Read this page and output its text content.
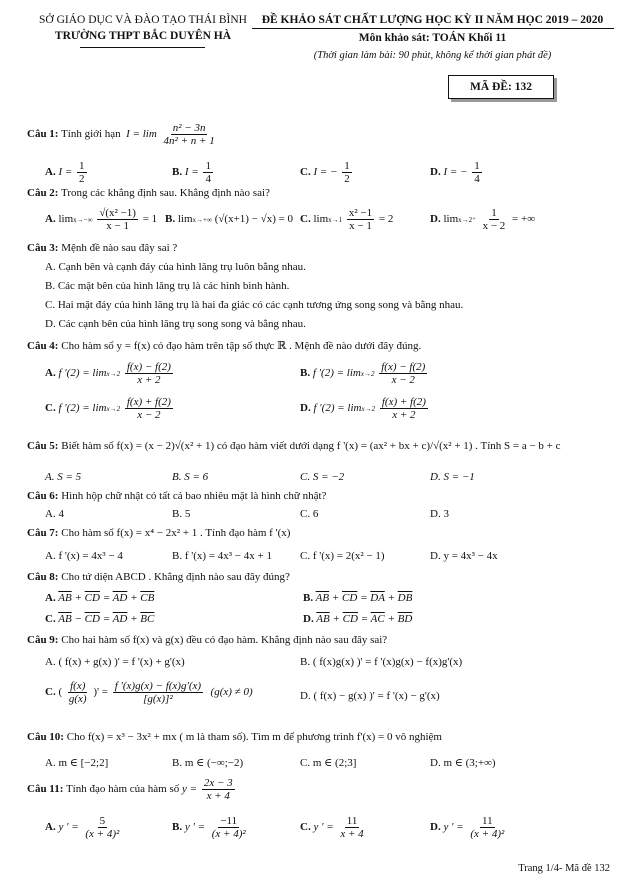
SỞ GIÁO DỤC VÀ ĐÀO TẠO THÁI BÌNH
TRƯỜNG THPT BẮC DUYÊN HÀ
ĐỀ KHẢO SÁT CHẤT LƯỢNG HỌC KỲ II NĂM HỌC 2019 – 2020
Môn khảo sát: TOÁN Khối 11
(Thời gian làm bài: 90 phút, không kể thời gian phát đề)
MÃ ĐỀ: 132
Câu 1: Tính giới hạn  $I = \lim \frac{\text{n² − 3n}}{\text{4n² + n + 1}}$
A. $I = \frac{1}{2}$	B. $I = \frac{1}{4}$	C. I = − $\frac{1}{2}$	D. I = − $\frac{1}{4}$
Câu 2: Trong các khẳng định sau. Khẳng định nào sai?
A. $\lim x\to-\infty \frac{\text{√(x² −1)}}{x - 1} = 1$ B. limx→+∞ (√(x+1) − √x) = 0 C. $\lim x\to 1 \frac{\text{x² −1}}{x - 1} = 2$	D. $\lim x\to 2^+ \frac{1}{x - 2}$ = +∞
Câu 3: Mệnh đề nào sau đây sai ?
A. Cạnh bên và cạnh đáy của hình lăng trụ luôn bằng nhau.
B. Các mặt bên của hình lăng trụ là các hình bình hành.
C. Hai mặt đáy của hình lăng trụ là hai đa giác có các cạnh tương ứng song song và bằng nhau.
D. Các cạnh bên của hình lăng trụ song song và bằng nhau.
Câu 4: Cho hàm số y = f(x) có đạo hàm trên tập số thực ℝ . Mệnh đề nào dưới đây đúng.
A. f $'(2) = \lim x\to 2 \frac{f(x) - f(2)}{x + 2}$	B. f $'(2) = \lim x\to 2 \frac{f(x) - f(2)}{x - 2}$
C. f $'(2) = \lim x\to 2 \frac{f(x) + f(2)}{x - 2}$	D. f $'(2) = \lim x\to 2 \frac{f(x) + f(2)}{x + 2}$
Câu 5: Biết hàm số f(x) = (x − 2)√(x² + 1) có đạo hàm viết dưới dạng f '(x) = (ax² + bx + c)/√(x² + 1) . Tính S = a − b + c
A. S = 5	B. S = 6	C. S = −2	D. S = −1
Câu 6: Hình hộp chữ nhật có tất cả bao nhiêu mặt là hình chữ nhật?
A. 4	B. 5	C. 6	D. 3
Câu 7: Cho hàm số f(x) = x⁴ − 2x² + 1 . Tính đạo hàm f '(x)
A. f '(x) = 4x³ − 4	B. f '(x) = 4x³ − 4x + 1	C. f '(x) = 2(x² − 1)	D. y = 4x³ − 4x
Câu 8: Cho tứ diện ABCD . Khẳng định nào sau đây đúng?
A. $\overline{AB} + \overline{CD} = \overline{AD} + \overline{CB}$	B. $\overline{AB} + \overline{CD} = \overline{DA} + \overline{DB}$
C. $\overline{AB} - \overline{CD} = \overline{AD} + \overline{BC}$	D. $\overline{AB} + \overline{CD} = \overline{AC} + \overline{BD}$
Câu 9: Cho hai hàm số f(x) và g(x) đều có đạo hàm. Khẳng định nào sau đây sai?
A. ( f(x) + g(x) )' = f '(x) + g'(x)	B. ( f(x)g(x) )' = f '(x)g(x) − f(x)g'(x)
C. ( $\frac{f(x)}{g(x)}$ )' = $\frac{f '(x)g(x) - f(x)g'(x)}{\text{[g(x)]²}} (g(x) \ne 0)$	D. ( f(x) − g(x) )' = f '(x) − g'(x)
Câu 10: Cho f(x) = x³ − 3x² + mx ( m là tham số). Tìm m để phương trình f'(x) = 0 vô nghiệm
A. m ∈ [−2;2]	B. m ∈ (−∞;−2)	C. m ∈ (2;3]	D. m ∈ (3;+∞)
Câu 11: Tính đạo hàm của hàm số $y = \frac{2x - 3}{x + 4}$
A. y ' = $\frac{5}{\text{(x + 4)²}}$	B. y ' = $\frac{-11}{\text{(x + 4)²}}$	C. y ' = $\frac{11}{x + 4}$	D. y ' = $\frac{11}{\text{(x + 4)²}}$
Trang 1/4- Mã đề 132
